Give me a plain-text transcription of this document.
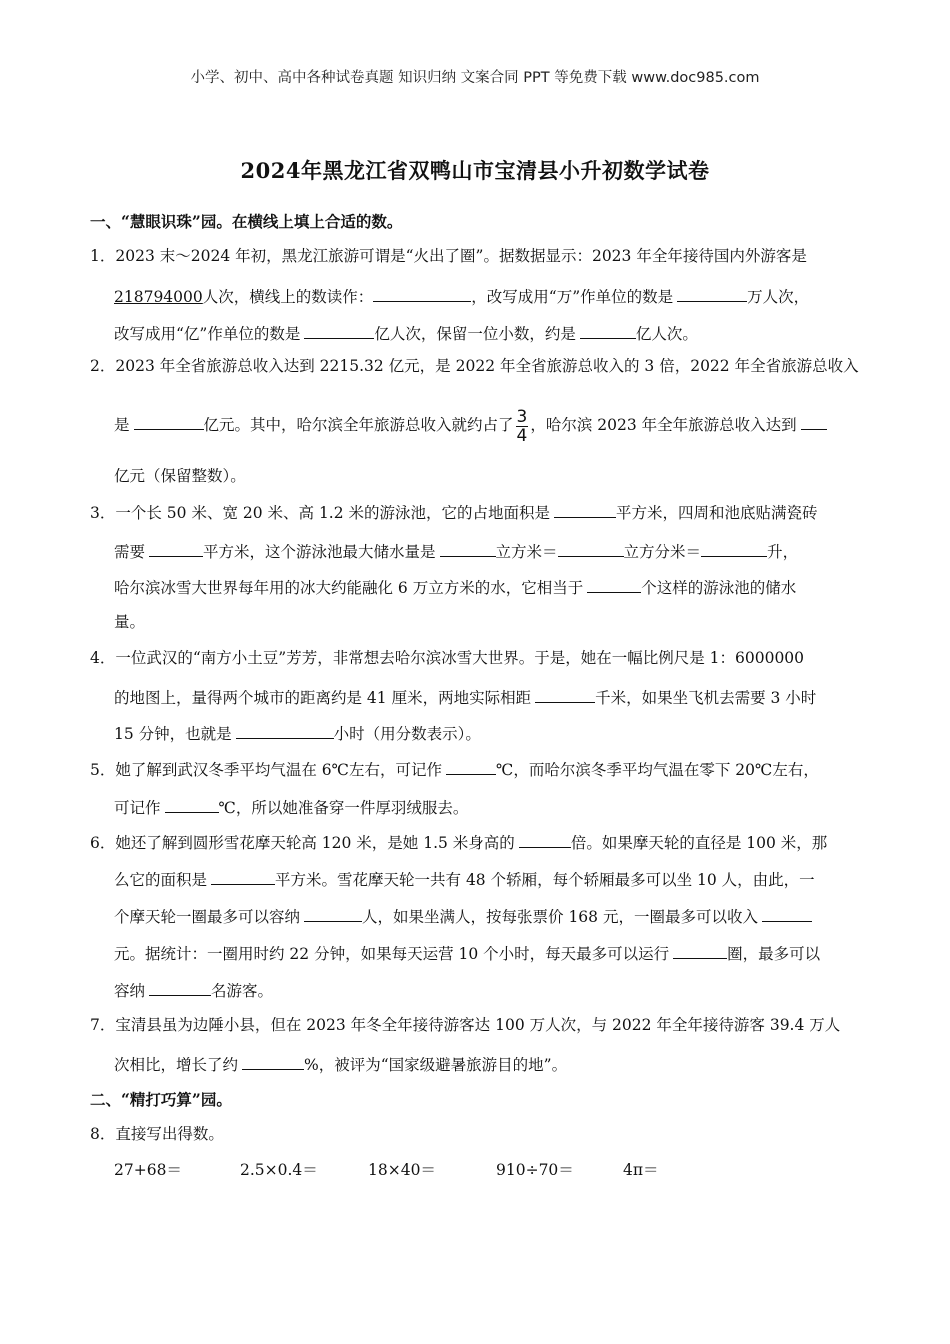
小学、初中、高中各种试卷真题 知识归纳 文案合同 PPT 等免费下载 www.doc985.com
2024年黑龙江省双鸭山市宝清县小升初数学试卷
一、“慧眼识珠”园。在横线上填上合适的数。
1．2023 末～2024 年初，黑龙江旅游可谓是“火出了圈”。据数据显示：2023 年全年接待国内外游客是
218794000人次，横线上的数读作：	，改写成用“万”作单位的数是	万人次，
改写成用“亿”作单位的数是	亿人次，保留一位小数，约是	亿人次。
2．2023 年全省旅游总收入达到 2215.32 亿元，是 2022 年全省旅游总收入的 3 倍，2022 年全省旅游总收入
是	亿元。其中，哈尔滨全年旅游总收入就约占了 $\frac{3}{4}$ ，哈尔滨 2023 年全年旅游总收入达到
亿元（保留整数）。
3．一个长 50 米、宽 20 米、高 1.2 米的游泳池，它的占地面积是	平方米，四周和池底贴满瓷砖
需要	平方米，这个游泳池最大储水量是	立方米＝	立方分米＝	升，
哈尔滨冰雪大世界每年用的冰大约能融化 6 万立方米的水，它相当于	个这样的游泳池的储水
量。
4．一位武汉的“南方小土豆”芳芳，非常想去哈尔滨冰雪大世界。于是，她在一幅比例尺是 1：6000000
的地图上，量得两个城市的距离约是 41 厘米，两地实际相距	千米，如果坐飞机去需要 3 小时
15 分钟，也就是	小时（用分数表示）。
5．她了解到武汉冬季平均气温在 6℃左右，可记作	℃，而哈尔滨冬季平均气温在零下 20℃左右，
可记作	℃，所以她准备穿一件厚羽绒服去。
6．她还了解到圆形雪花摩天轮高 120 米，是她 1.5 米身高的	倍。如果摩天轮的直径是 100 米，那
么它的面积是	平方米。雪花摩天轮一共有 48 个轿厢，每个轿厢最多可以坐 10 人，由此，一
个摩天轮一圈最多可以容纳	人，如果坐满人，按每张票价 168 元，一圈最多可以收入
元。据统计：一圈用时约 22 分钟，如果每天运营 10 个小时，每天最多可以运行	圈，最多可以
容纳	名游客。
7．宝清县虽为边陲小县，但在 2023 年冬全年接待游客达 100 万人次，与 2022 年全年接待游客 39.4 万人
次相比，增长了约	%，被评为“国家级避暑旅游目的地”。
二、“精打巧算”园。
8．直接写出得数。
27+68＝	2.5×0.4＝	18×40＝	910÷70＝	4π＝
